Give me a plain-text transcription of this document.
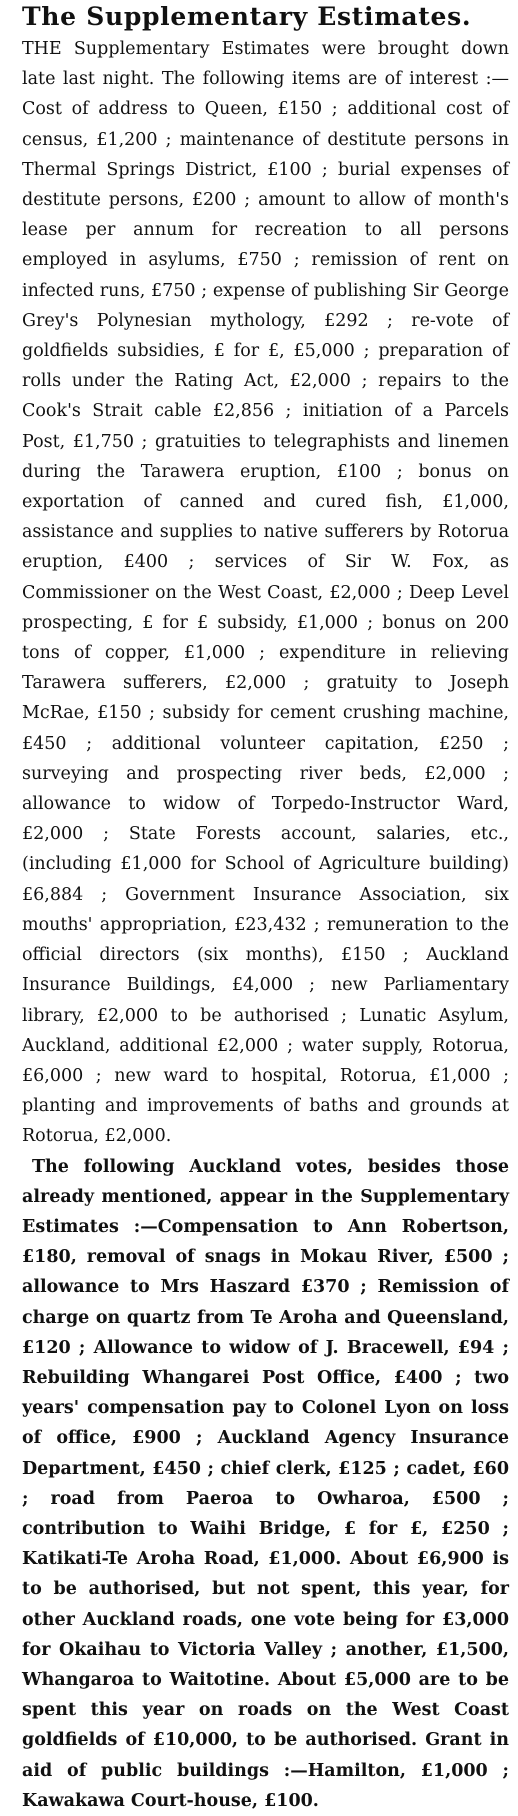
The Supplementary Estimates.

THE Supplementary Estimates were brought down late last night. The following items are of interest :—Cost of address to Queen, £150 ; additional cost of census, £1,200 ; maintenance of destitute persons in Thermal Springs District, £100 ; burial expenses of destitute persons, £200 ; amount to allow of month's lease per annum for recreation to all persons employed in asylums, £750 ; remission of rent on infected runs, £750 ; expense of publishing Sir George Grey's Polynesian mythology, £292 ; re-vote of goldfields subsidies, £ for £, £5,000 ; preparation of rolls under the Rating Act, £2,000 ; repairs to the Cook's Strait cable £2,856 ; initiation of a Parcels Post, £1,750 ; gratuities to telegraphists and linemen during the Tarawera eruption, £100 ; bonus on exportation of canned and cured fish, £1,000, assistance and supplies to native sufferers by Rotorua eruption, £400 ; services of Sir W. Fox, as Commissioner on the West Coast, £2,000 ; Deep Level prospecting, £ for £ subsidy, £1,000 ; bonus on 200 tons of copper, £1,000 ; expenditure in relieving Tarawera sufferers, £2,000 ; gratuity to Joseph McRae, £150 ; subsidy for cement crushing machine, £450 ; additional volunteer capitation, £250 ; surveying and prospecting river beds, £2,000 ; allowance to widow of Torpedo-Instructor Ward, £2,000 ; State Forests account, salaries, etc., (including £1,000 for School of Agriculture building) £6,884 ; Government Insurance Association, six mouths' appropriation, £23,432 ; remuneration to the official directors (six months), £150 ; Auckland Insurance Buildings, £4,000 ; new Parliamentary library, £2,000 to be authorised ; Lunatic Asylum, Auckland, additional £2,000 ; water supply, Rotorua, £6,000 ; new ward to hospital, Rotorua, £1,000 ; planting and improvements of baths and grounds at Rotorua, £2,000.

The following Auckland votes, besides those already mentioned, appear in the Supplementary Estimates :—Compensation to Ann Robertson, £180, removal of snags in Mokau River, £500 ; allowance to Mrs Haszard £370 ; Remission of charge on quartz from Te Aroha and Queensland, £120 ; Allowance to widow of J. Bracewell, £94 ; Rebuilding Whangarei Post Office, £400 ; two years' compensation pay to Colonel Lyon on loss of office, £900 ; Auckland Agency Insurance Department, £450 ; chief clerk, £125 ; cadet, £60 ; road from Paeroa to Owharoa, £500 ; contribution to Waihi Bridge, £ for £, £250 ; Katikati-Te Aroha Road, £1,000. About £6,900 is to be authorised, but not spent, this year, for other Auckland roads, one vote being for £3,000 for Okaihau to Victoria Valley ; another, £1,500, Whangaroa to Waitotine. About £5,000 are to be spent this year on roads on the West Coast goldfields of £10,000, to be authorised. Grant in aid of public buildings :—Hamilton, £1,000 ; Kawakawa Court-house, £100.
